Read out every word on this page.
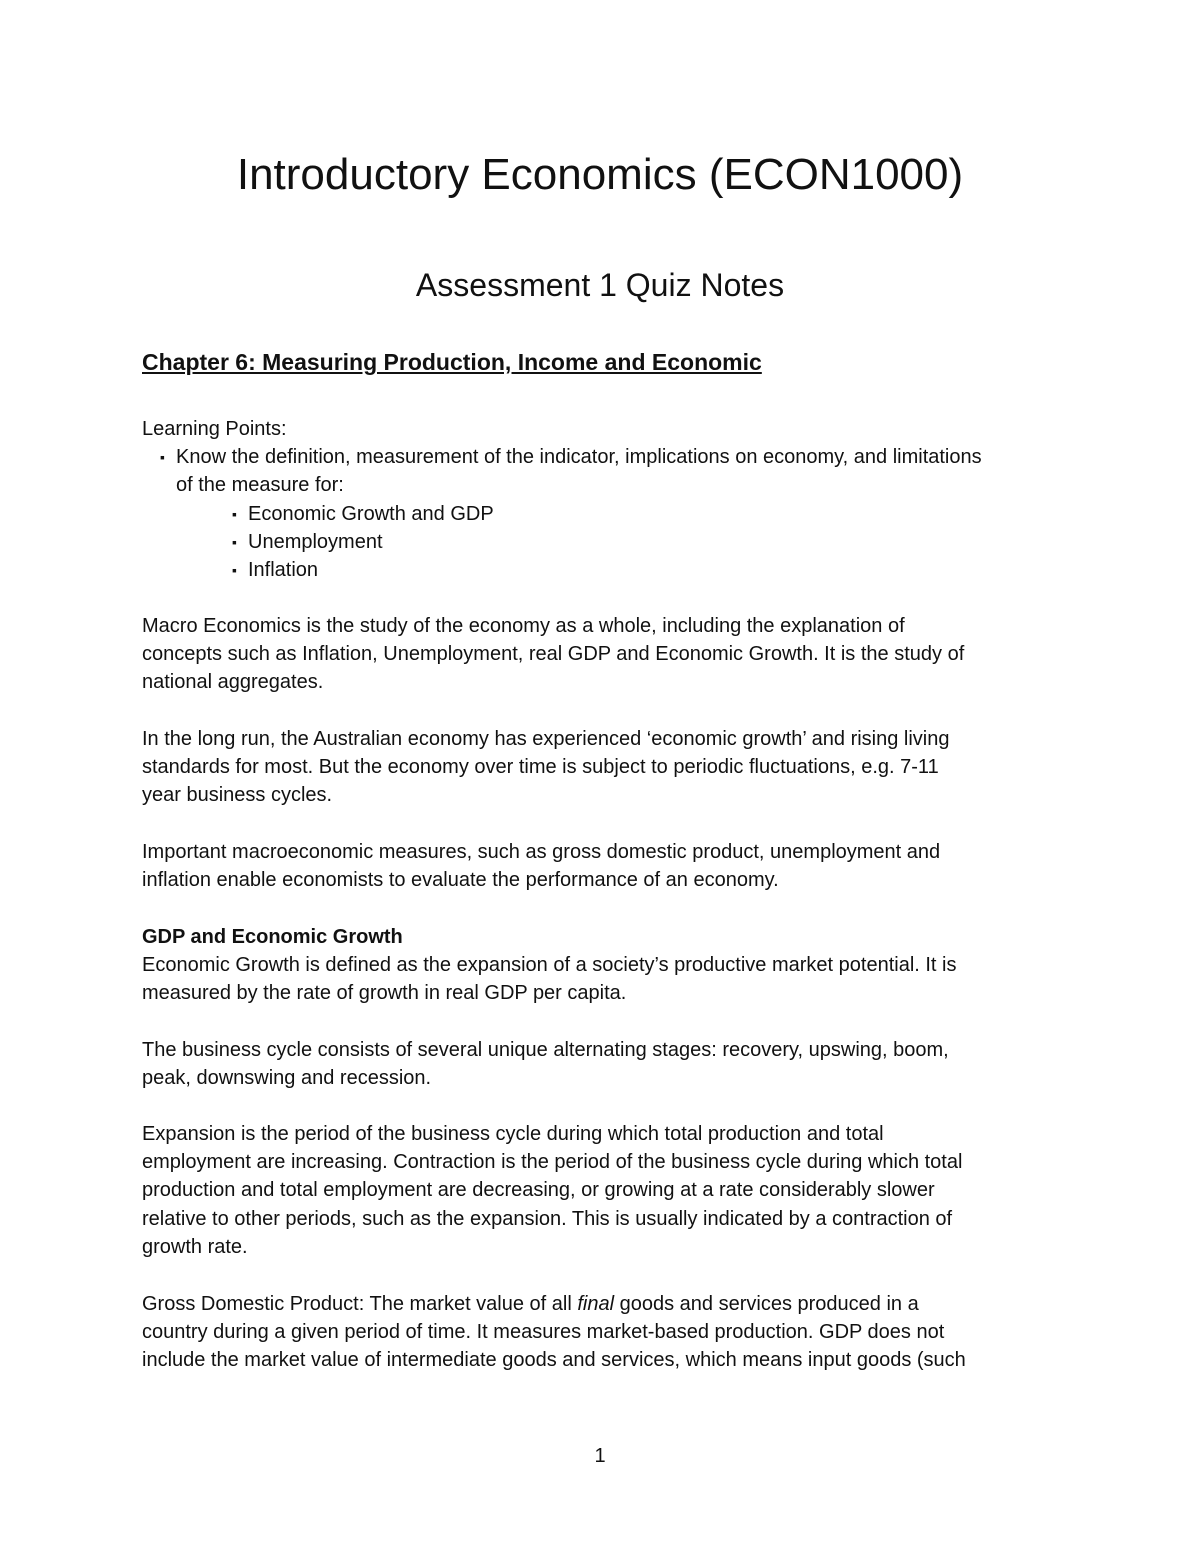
Introductory Economics (ECON1000)
Assessment 1 Quiz Notes
Chapter 6: Measuring Production, Income and Economic
Learning Points:
▪ Know the definition, measurement of the indicator, implications on economy, and limitations
of the measure for:
▪ Economic Growth and GDP
▪ Unemployment
▪ Inflation
Macro Economics is the study of the economy as a whole, including the explanation of
concepts such as Inflation, Unemployment, real GDP and Economic Growth. It is the study of
national aggregates.
In the long run, the Australian economy has experienced ‘economic growth’ and rising living
standards for most. But the economy over time is subject to periodic fluctuations, e.g. 7-11
year business cycles.
Important macroeconomic measures, such as gross domestic product, unemployment and
inflation enable economists to evaluate the performance of an economy.
GDP and Economic Growth
Economic Growth is defined as the expansion of a society’s productive market potential. It is
measured by the rate of growth in real GDP per capita.
The business cycle consists of several unique alternating stages: recovery, upswing, boom,
peak, downswing and recession.
Expansion is the period of the business cycle during which total production and total
employment are increasing. Contraction is the period of the business cycle during which total
production and total employment are decreasing, or growing at a rate considerably slower
relative to other periods, such as the expansion. This is usually indicated by a contraction of
growth rate.
Gross Domestic Product: The market value of all final goods and services produced in a
country during a given period of time. It measures market-based production. GDP does not
include the market value of intermediate goods and services, which means input goods (such
1
